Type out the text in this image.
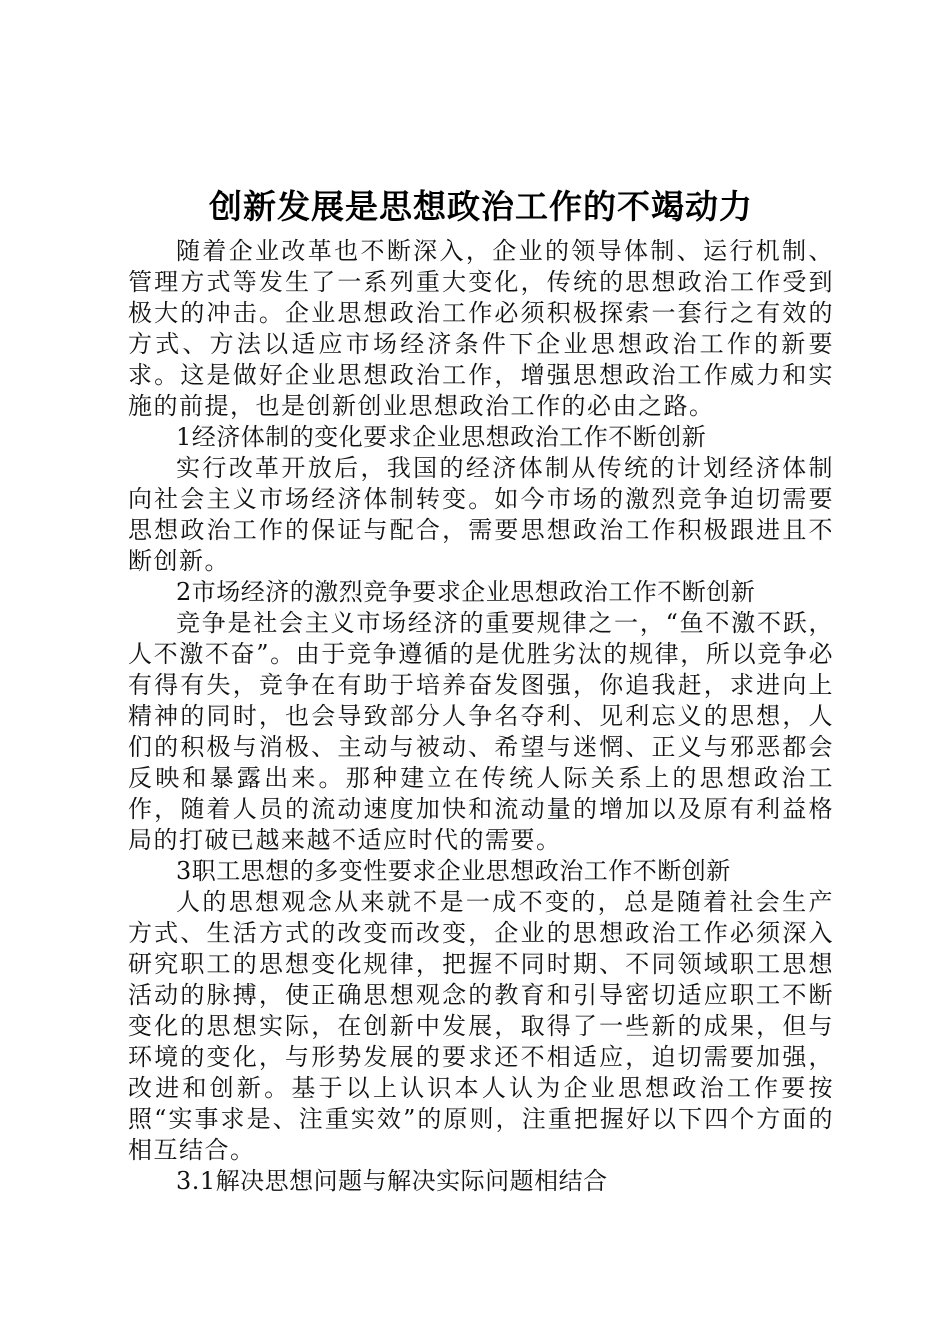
创新发展是思想政治工作的不竭动力

随着企业改革也不断深入，企业的领导体制、运行机制、管理方式等发生了一系列重大变化，传统的思想政治工作受到极大的冲击。企业思想政治工作必须积极探索一套行之有效的方式、方法以适应市场经济条件下企业思想政治工作的新要求。这是做好企业思想政治工作，增强思想政治工作威力和实施的前提，也是创新创业思想政治工作的必由之路。

1经济体制的变化要求企业思想政治工作不断创新

实行改革开放后，我国的经济体制从传统的计划经济体制向社会主义市场经济体制转变。如今市场的激烈竞争迫切需要思想政治工作的保证与配合，需要思想政治工作积极跟进且不断创新。

2市场经济的激烈竞争要求企业思想政治工作不断创新

竞争是社会主义市场经济的重要规律之一，“鱼不激不跃，人不激不奋”。由于竞争遵循的是优胜劣汰的规律，所以竞争必有得有失，竞争在有助于培养奋发图强，你追我赶，求进向上精神的同时，也会导致部分人争名夺利、见利忘义的思想，人们的积极与消极、主动与被动、希望与迷惘、正义与邪恶都会反映和暴露出来。那种建立在传统人际关系上的思想政治工作，随着人员的流动速度加快和流动量的增加以及原有利益格局的打破已越来越不适应时代的需要。

3职工思想的多变性要求企业思想政治工作不断创新

人的思想观念从来就不是一成不变的，总是随着社会生产方式、生活方式的改变而改变，企业的思想政治工作必须深入研究职工的思想变化规律，把握不同时期、不同领域职工思想活动的脉搏，使正确思想观念的教育和引导密切适应职工不断变化的思想实际，在创新中发展，取得了一些新的成果，但与环境的变化，与形势发展的要求还不相适应，迫切需要加强，改进和创新。基于以上认识本人认为企业思想政治工作要按照“实事求是、注重实效”的原则，注重把握好以下四个方面的相互结合。

3.1解决思想问题与解决实际问题相结合
